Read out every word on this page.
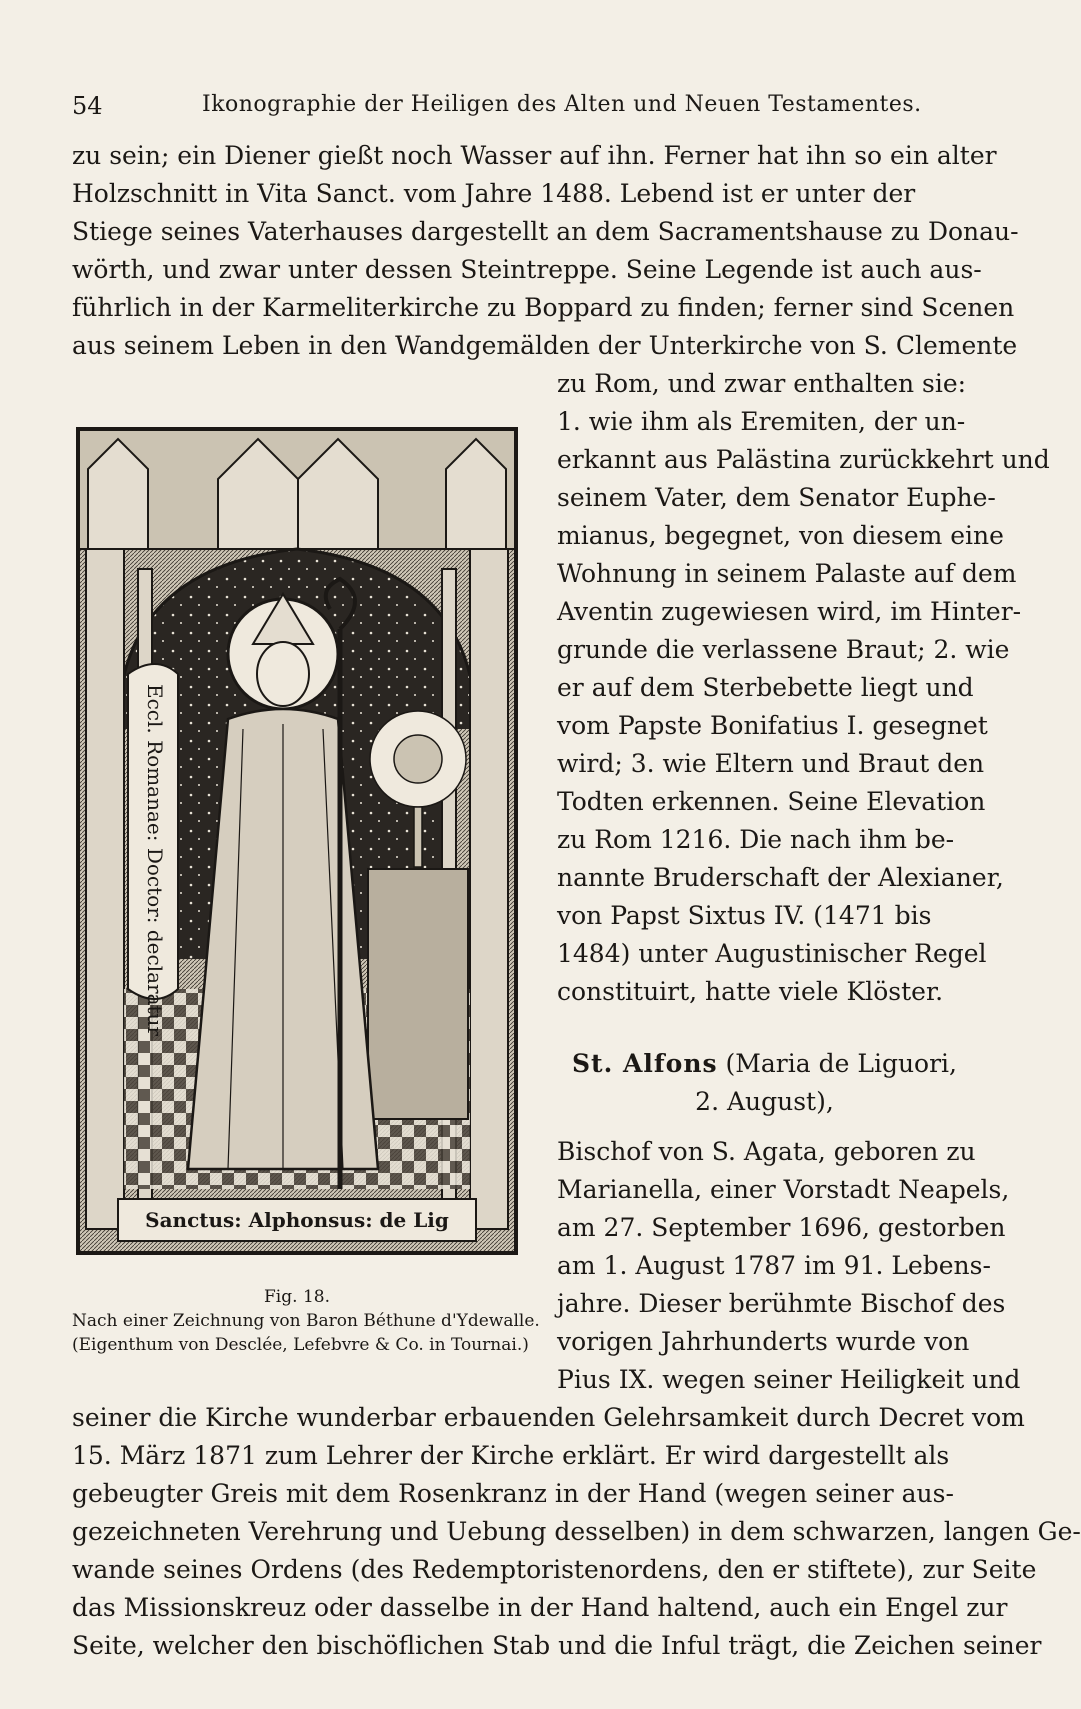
54	Ikonographie der Heiligen des Alten und Neuen Testamentes.
zu sein; ein Diener gießt noch Wasser auf ihn. Ferner hat ihn so ein alter
Holzschnitt in Vita Sanct. vom Jahre 1488. Lebend ist er unter der
Stiege seines Vaterhauses dargestellt an dem Sacramentshause zu Donau-
wörth, und zwar unter dessen Steintreppe. Seine Legende ist auch aus-
führlich in der Karmeliterkirche zu Boppard zu finden; ferner sind Scenen
aus seinem Leben in den Wandgemälden der Unterkirche von S. Clemente
zu Rom, und zwar enthalten sie:
1. wie ihm als Eremiten, der un-
erkannt aus Palästina zurückkehrt und
seinem Vater, dem Senator Euphe-
mianus, begegnet, von diesem eine
Wohnung in seinem Palaste auf dem
Aventin zugewiesen wird, im Hinter-
grunde die verlassene Braut; 2. wie
er auf dem Sterbebette liegt und
vom Papste Bonifatius I. gesegnet
wird; 3. wie Eltern und Braut den
Todten erkennen. Seine Elevation
zu Rom 1216. Die nach ihm be-
nannte Bruderschaft der Alexianer,
von Papst Sixtus IV. (1471 bis
1484) unter Augustinischer Regel
constituirt, hatte viele Klöster.
St. Alfons (Maria de Liguori,
2. August),
Bischof von S. Agata, geboren zu
Marianella, einer Vorstadt Neapels,
am 27. September 1696, gestorben
am 1. August 1787 im 91. Lebens-
jahre. Dieser berühmte Bischof des
vorigen Jahrhunderts wurde von
Pius IX. wegen seiner Heiligkeit und
seiner die Kirche wunderbar erbauenden Gelehrsamkeit durch Decret vom
15. März 1871 zum Lehrer der Kirche erklärt. Er wird dargestellt als
gebeugter Greis mit dem Rosenkranz in der Hand (wegen seiner aus-
gezeichneten Verehrung und Uebung desselben) in dem schwarzen, langen Ge-
wande seines Ordens (des Redemptoristenordens, den er stiftete), zur Seite
das Missionskreuz oder dasselbe in der Hand haltend, auch ein Engel zur
Seite, welcher den bischöflichen Stab und die Inful trägt, die Zeichen seiner
Eccl. Romanae: Doctor: declaratur
Sanctus: Alphonsus: de Lig
Fig. 18.
Nach einer Zeichnung von Baron Béthune d'Ydewalle.
(Eigenthum von Desclée, Lefebvre & Co. in Tournai.)
